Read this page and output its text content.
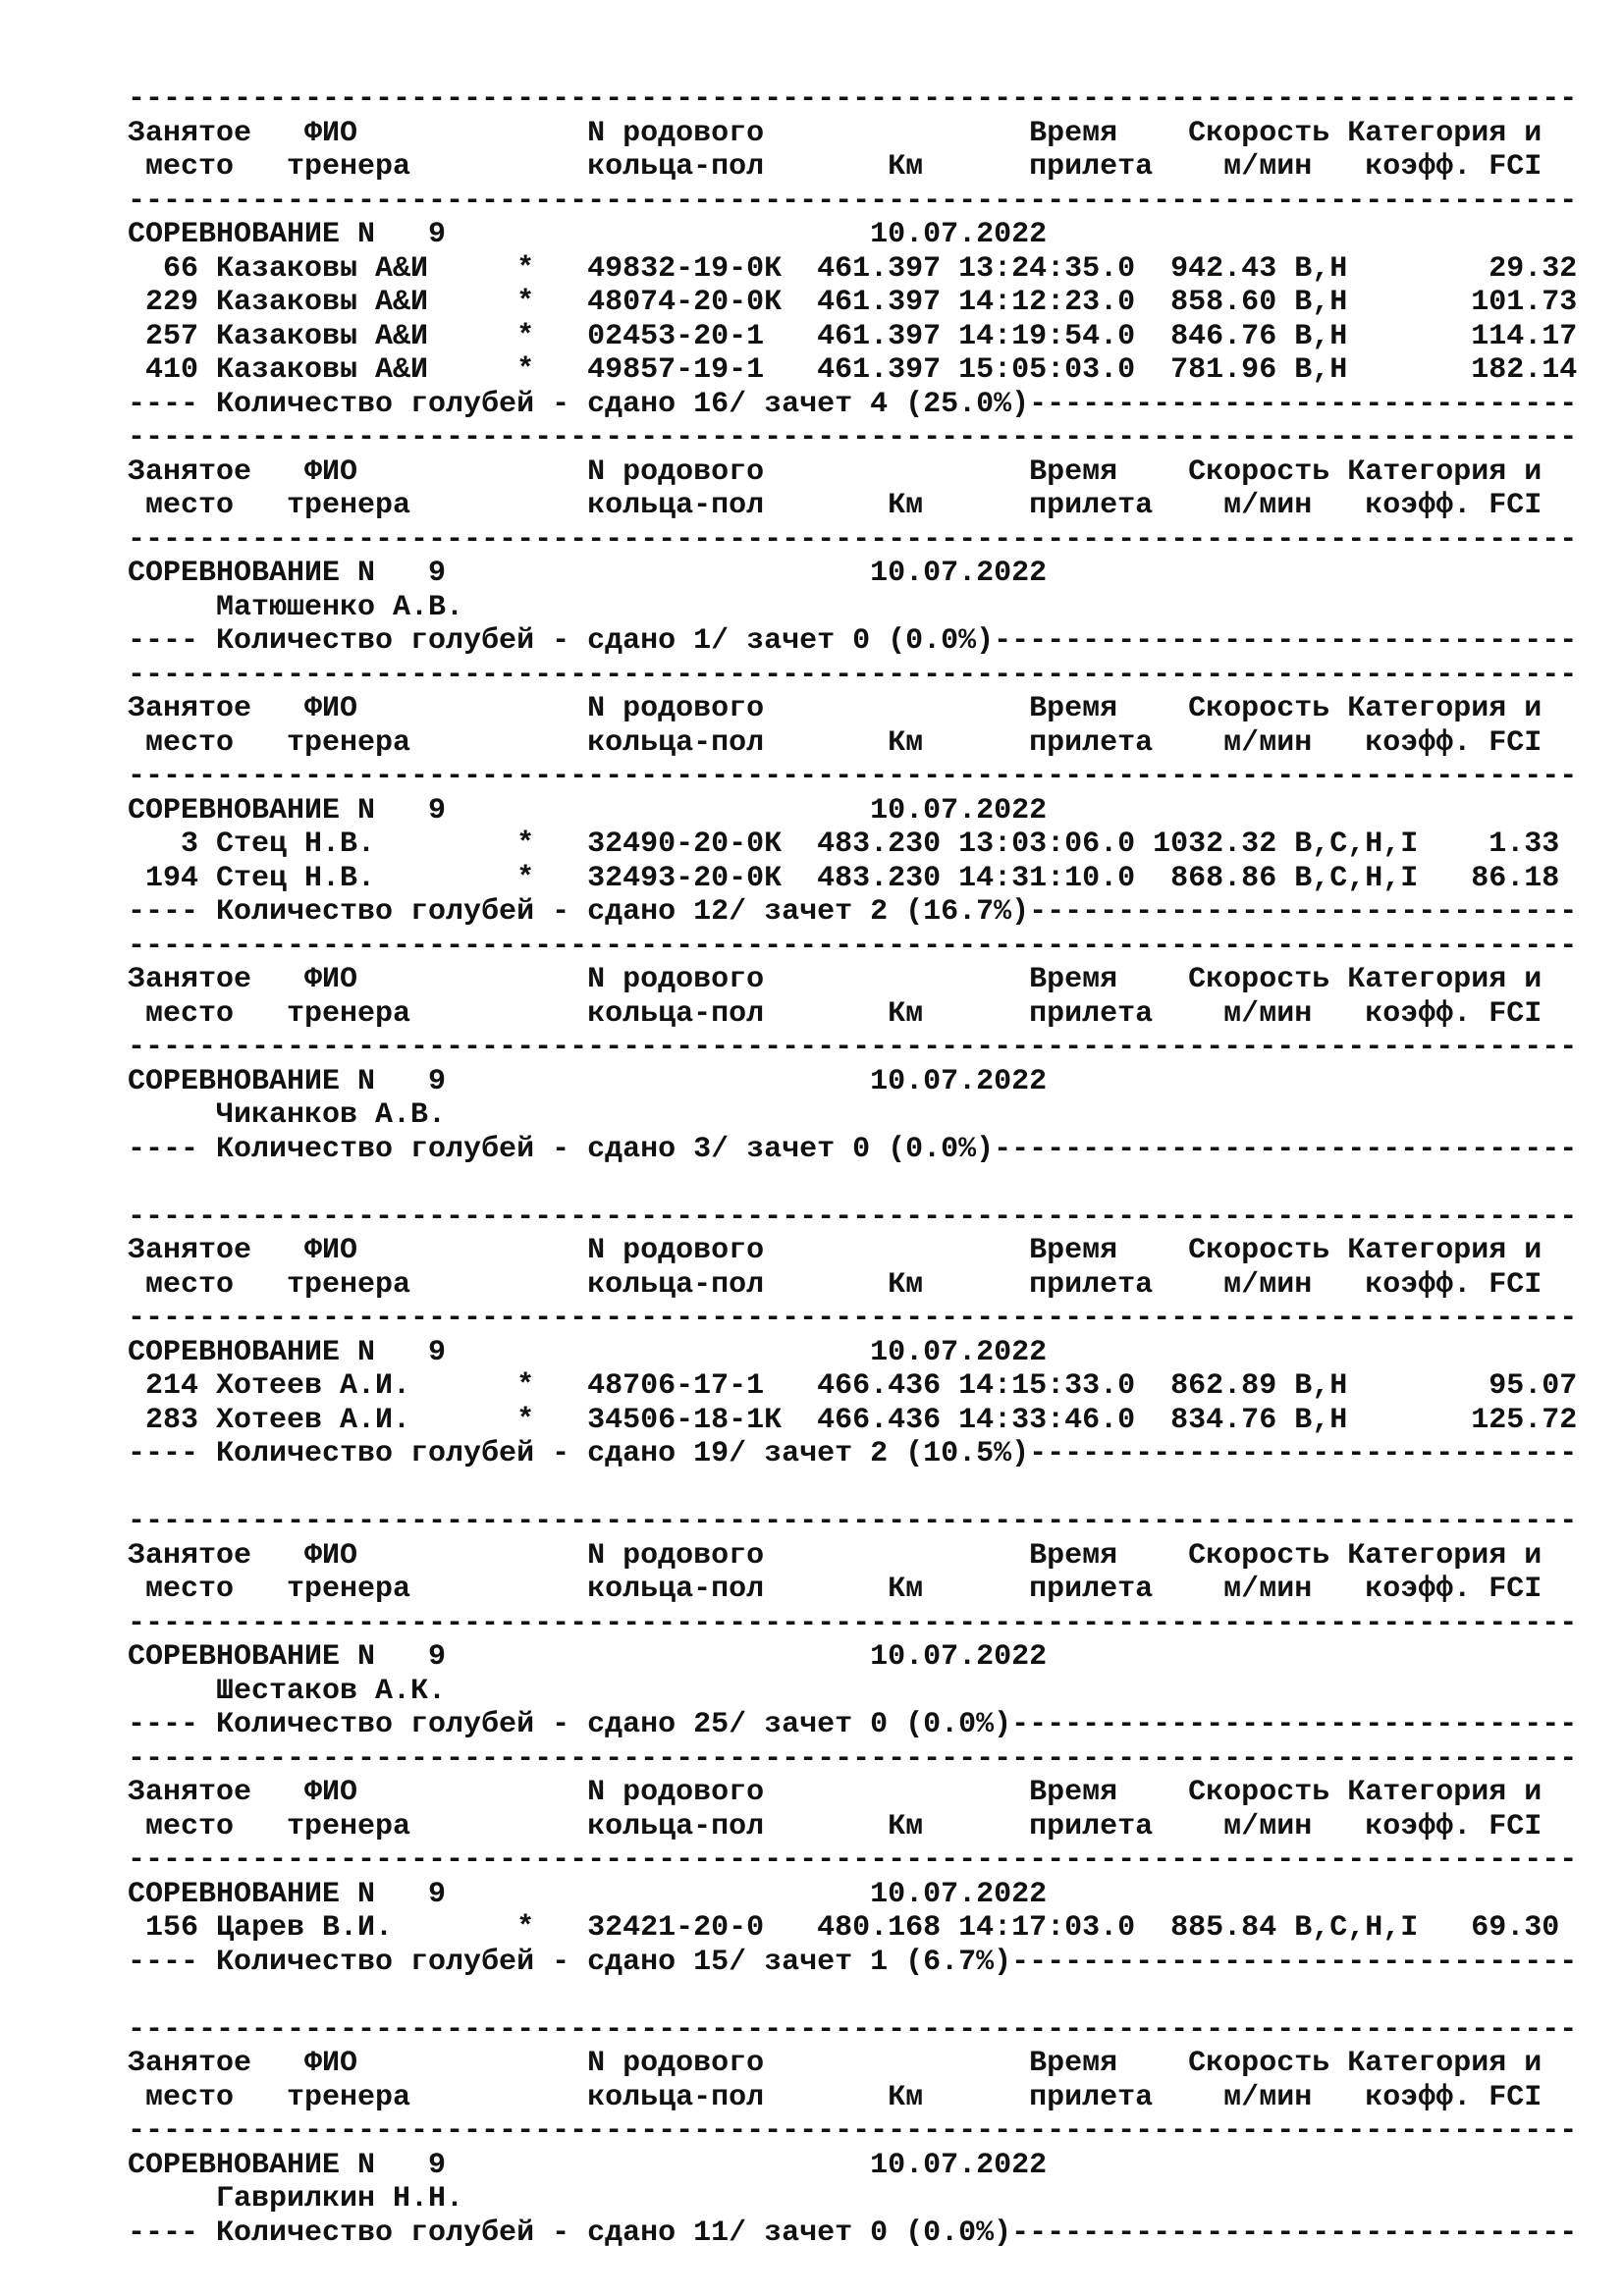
----------------------------------------------------------------------------------
Занятое   ФИО             N родового               Время    Скорость Категория и
место   тренера          кольца-пол       Км      прилета    м/мин   коэфф. FCI
----------------------------------------------------------------------------------
СОРЕВНОВАНИЕ N   9                        10.07.2022
66 Казаковы А&И     *   49832-19-0К  461.397 13:24:35.0  942.43 В,Н        29.32
229 Казаковы А&И     *   48074-20-0К  461.397 14:12:23.0  858.60 В,Н       101.73
257 Казаковы А&И     *   02453-20-1   461.397 14:19:54.0  846.76 В,Н       114.17
410 Казаковы А&И     *   49857-19-1   461.397 15:05:03.0  781.96 В,Н       182.14
---- Количество голубей - сдано 16/ зачет 4 (25.0%)-------------------------------
----------------------------------------------------------------------------------
Занятое   ФИО             N родового               Время    Скорость Категория и
место   тренера          кольца-пол       Км      прилета    м/мин   коэфф. FCI
----------------------------------------------------------------------------------
СОРЕВНОВАНИЕ N   9                        10.07.2022
Матюшенко А.В.
---- Количество голубей - сдано 1/ зачет 0 (0.0%)---------------------------------
----------------------------------------------------------------------------------
Занятое   ФИО             N родового               Время    Скорость Категория и
место   тренера          кольца-пол       Км      прилета    м/мин   коэфф. FCI
----------------------------------------------------------------------------------
СОРЕВНОВАНИЕ N   9                        10.07.2022
3 Стец Н.В.        *   32490-20-0К  483.230 13:03:06.0 1032.32 В,С,Н,I    1.33
194 Стец Н.В.        *   32493-20-0К  483.230 14:31:10.0  868.86 В,С,Н,I   86.18
---- Количество голубей - сдано 12/ зачет 2 (16.7%)-------------------------------
----------------------------------------------------------------------------------
Занятое   ФИО             N родового               Время    Скорость Категория и
место   тренера          кольца-пол       Км      прилета    м/мин   коэфф. FCI
----------------------------------------------------------------------------------
СОРЕВНОВАНИЕ N   9                        10.07.2022
Чиканков А.В.
---- Количество голубей - сдано 3/ зачет 0 (0.0%)---------------------------------
----------------------------------------------------------------------------------
Занятое   ФИО             N родового               Время    Скорость Категория и
место   тренера          кольца-пол       Км      прилета    м/мин   коэфф. FCI
----------------------------------------------------------------------------------
СОРЕВНОВАНИЕ N   9                        10.07.2022
214 Хотеев А.И.      *   48706-17-1   466.436 14:15:33.0  862.89 В,Н        95.07
283 Хотеев А.И.      *   34506-18-1К  466.436 14:33:46.0  834.76 В,Н       125.72
---- Количество голубей - сдано 19/ зачет 2 (10.5%)-------------------------------
----------------------------------------------------------------------------------
Занятое   ФИО             N родового               Время    Скорость Категория и
место   тренера          кольца-пол       Км      прилета    м/мин   коэфф. FCI
----------------------------------------------------------------------------------
СОРЕВНОВАНИЕ N   9                        10.07.2022
Шестаков А.К.
---- Количество голубей - сдано 25/ зачет 0 (0.0%)--------------------------------
----------------------------------------------------------------------------------
Занятое   ФИО             N родового               Время    Скорость Категория и
место   тренера          кольца-пол       Км      прилета    м/мин   коэфф. FCI
----------------------------------------------------------------------------------
СОРЕВНОВАНИЕ N   9                        10.07.2022
156 Царев В.И.       *   32421-20-0   480.168 14:17:03.0  885.84 В,С,Н,I   69.30
---- Количество голубей - сдано 15/ зачет 1 (6.7%)--------------------------------
----------------------------------------------------------------------------------
Занятое   ФИО             N родового               Время    Скорость Категория и
место   тренера          кольца-пол       Км      прилета    м/мин   коэфф. FCI
----------------------------------------------------------------------------------
СОРЕВНОВАНИЕ N   9                        10.07.2022
Гаврилкин Н.Н.
---- Количество голубей - сдано 11/ зачет 0 (0.0%)--------------------------------
